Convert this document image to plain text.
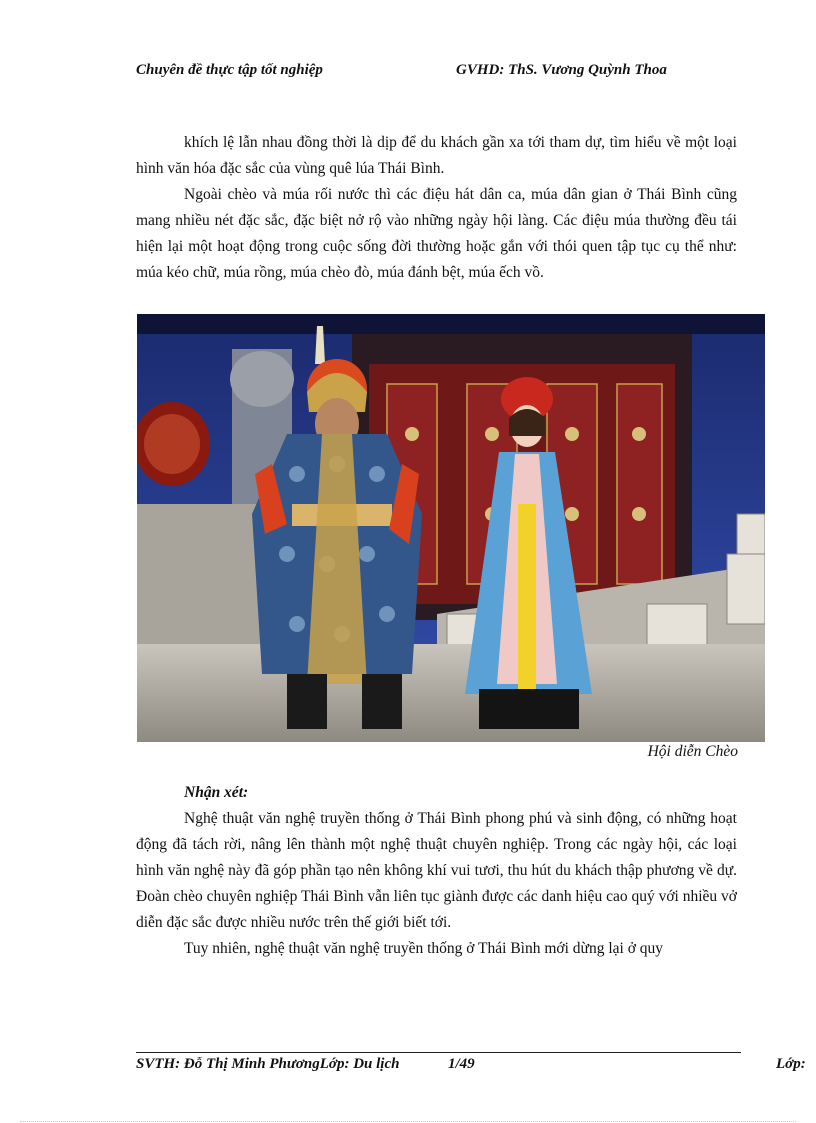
Chuyên đề thực tập tốt nghiệp	GVHD: ThS. Vương Quỳnh Thoa

khích lệ lẫn nhau đồng thời là dịp để du khách gần xa tới tham dự, tìm hiểu về một loại hình văn hóa đặc sắc của vùng quê lúa Thái Bình.

Ngoài chèo và múa rối nước thì các điệu hát dân ca, múa dân gian ở Thái Bình cũng mang nhiều nét đặc sắc, đặc biệt nở rộ vào những ngày hội làng. Các điệu múa thường đều tái hiện lại một hoạt động trong cuộc sống đời thường hoặc gắn với thói quen tập tục cụ thể như: múa kéo chữ, múa rồng, múa chèo đò, múa đánh bệt, múa ếch vồ.

Hội diễn Chèo
Nhận xét:

Nghệ thuật văn nghệ truyền thống ở Thái Bình phong phú và sinh động, có những hoạt động đã tách rời, nâng lên thành một nghệ thuật chuyên nghiệp. Trong các ngày hội, các loại hình văn nghệ này đã góp phần tạo nên không khí vui tươi, thu hút du khách thập phương về dự. Đoàn chèo chuyên nghiệp Thái Bình vẫn liên tục giành được các danh hiệu cao quý với nhiều vở diễn đặc sắc được nhiều nước trên thế giới biết tới.

Tuy nhiên, nghệ thuật văn nghệ truyền thống ở Thái Bình mới dừng lại ở quy

SVTH: Đỗ Thị Minh PhươngLớp: Du lịch	1/49	Lớp:
